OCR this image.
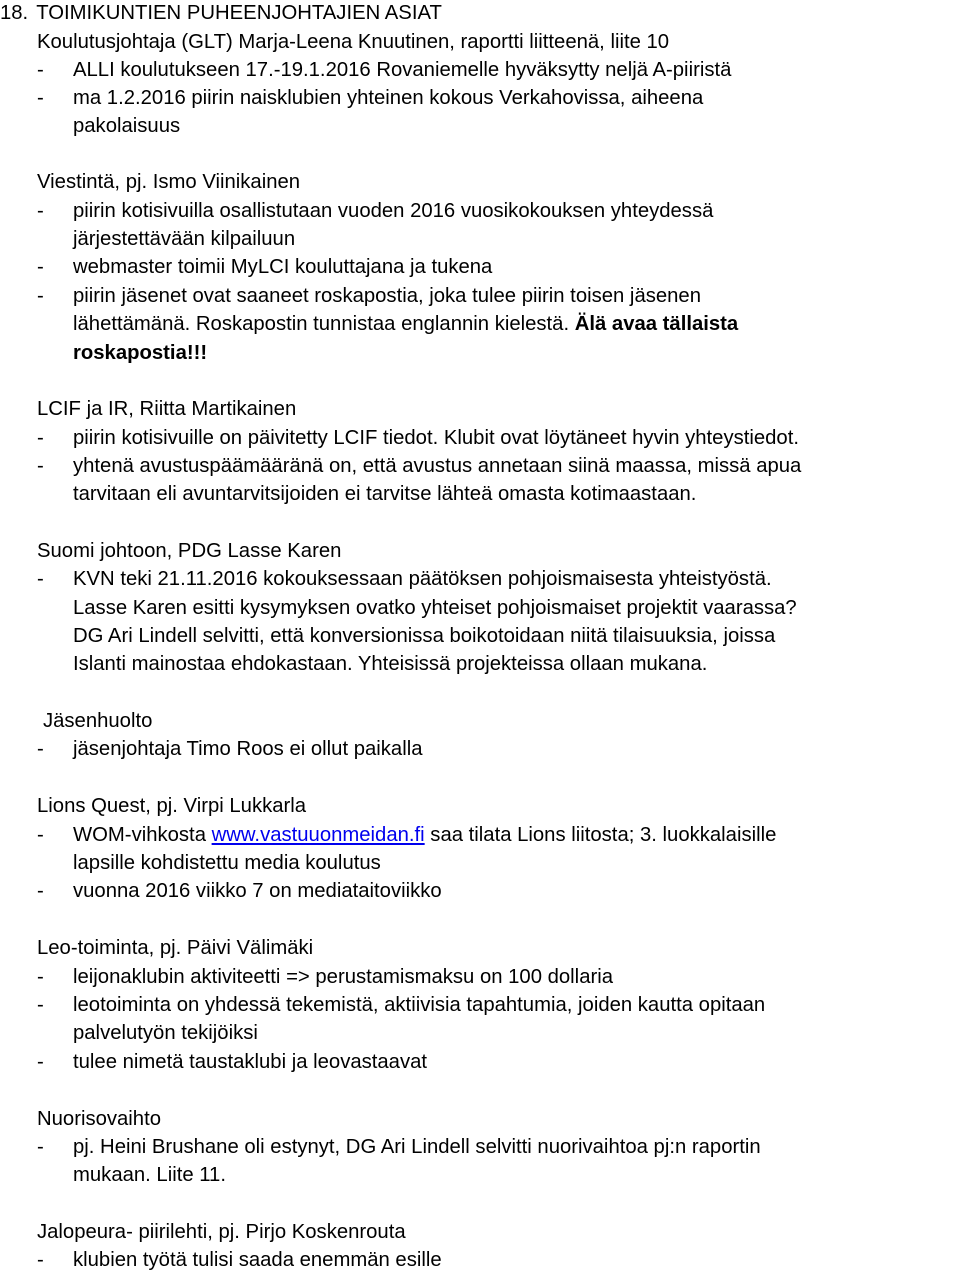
18. TOIMIKUNTIEN PUHEENJOHTAJIEN ASIAT
Koulutusjohtaja (GLT) Marja-Leena Knuutinen, raportti liitteenä, liite 10
- ALLI koulutukseen 17.-19.1.2016 Rovaniemelle hyväksytty neljä A-piiristä
- ma 1.2.2016 piirin naisklubien yhteinen kokous Verkahovissa, aiheena
pakolaisuus
Viestintä, pj. Ismo Viinikainen
- piirin kotisivuilla osallistutaan vuoden 2016 vuosikokouksen yhteydessä
järjestettävään kilpailuun
- webmaster toimii MyLCI kouluttajana ja tukena
- piirin jäsenet ovat saaneet roskapostia, joka tulee piirin toisen jäsenen
lähettämänä. Roskapostin tunnistaa englannin kielestä. Älä avaa tällaista
roskapostia!!!
LCIF ja IR, Riitta Martikainen
- piirin kotisivuille on päivitetty LCIF tiedot. Klubit ovat löytäneet hyvin yhteystiedot.
- yhtenä avustuspäämääränä on, että avustus annetaan siinä maassa, missä apua
tarvitaan eli avuntarvitsijoiden ei tarvitse lähteä omasta kotimaastaan.
Suomi johtoon, PDG Lasse Karen
- KVN teki 21.11.2016 kokouksessaan päätöksen pohjoismaisesta yhteistyöstä.
Lasse Karen esitti kysymyksen ovatko yhteiset pohjoismaiset projektit vaarassa?
DG Ari Lindell selvitti, että konversionissa boikotoidaan niitä tilaisuuksia, joissa
Islanti mainostaa ehdokastaan. Yhteisissä projekteissa ollaan mukana.
Jäsenhuolto
- jäsenjohtaja Timo Roos ei ollut paikalla
Lions Quest, pj. Virpi Lukkarla
- WOM-vihkosta www.vastuuonmeidan.fi saa tilata Lions liitosta; 3. luokkalaisille
lapsille kohdistettu media koulutus
- vuonna 2016 viikko 7 on mediataitoviikko
Leo-toiminta, pj. Päivi Välimäki
- leijonaklubin aktiviteetti => perustamismaksu on 100 dollaria
- leotoiminta on yhdessä tekemistä, aktiivisia tapahtumia, joiden kautta opitaan
palvelutyön tekijöiksi
- tulee nimetä taustaklubi ja leovastaavat
Nuorisovaihto
- pj. Heini Brushane oli estynyt, DG Ari Lindell selvitti nuorivaihtoa pj:n raportin
mukaan. Liite 11.
Jalopeura- piirilehti, pj. Pirjo Koskenrouta
- klubien työtä tulisi saada enemmän esille
